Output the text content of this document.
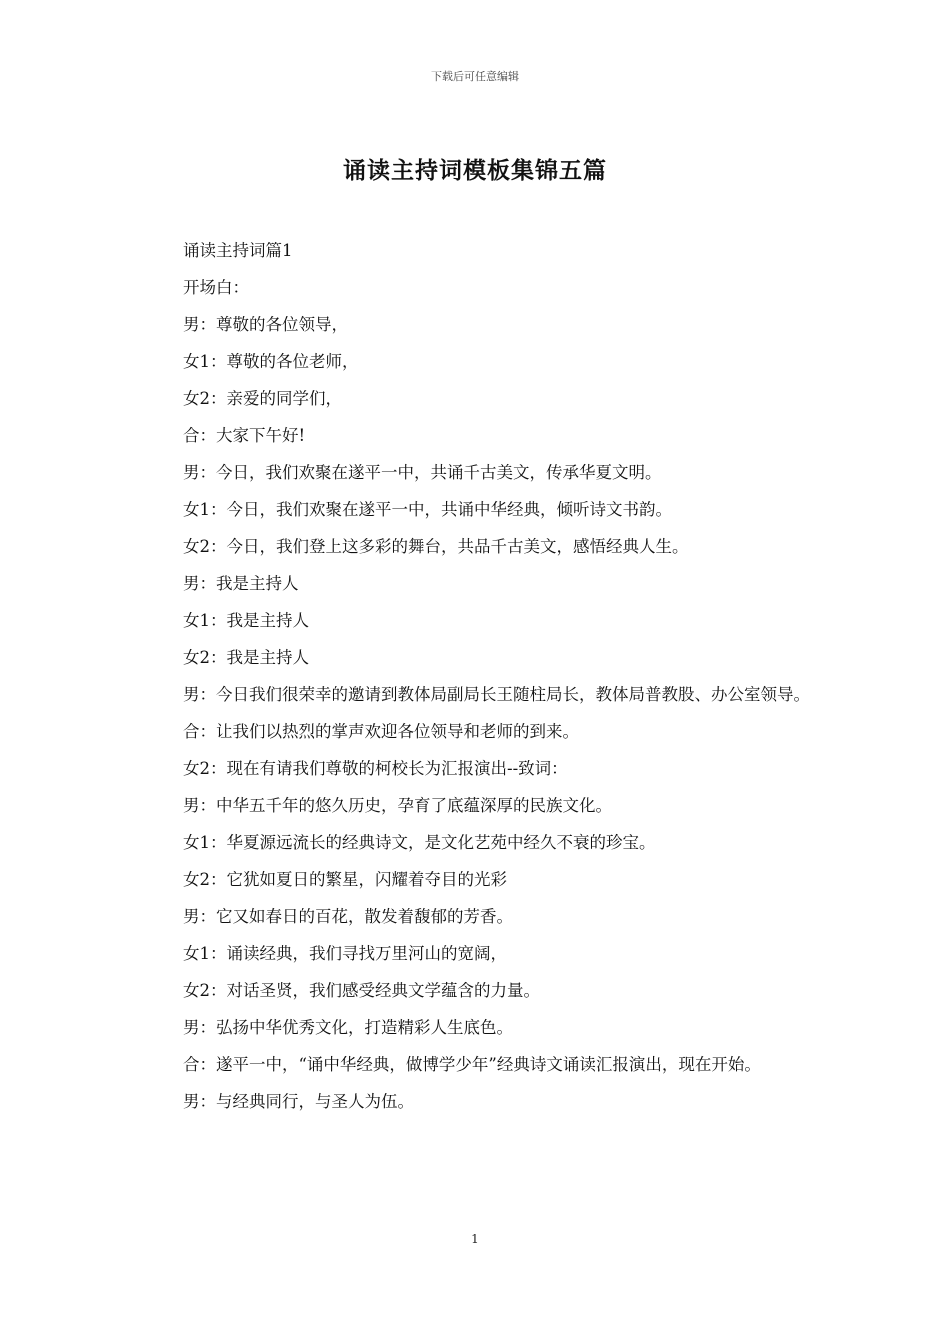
下载后可任意编辑
诵读主持词模板集锦五篇

诵读主持词篇1

开场白：

男：尊敬的各位领导，

女1：尊敬的各位老师，

女2：亲爱的同学们，

合：大家下午好!

男：今日，我们欢聚在遂平一中，共诵千古美文，传承华夏文明。

女1：今日，我们欢聚在遂平一中，共诵中华经典，倾听诗文书韵。

女2：今日，我们登上这多彩的舞台，共品千古美文，感悟经典人生。

男：我是主持人

女1：我是主持人

女2：我是主持人

男：今日我们很荣幸的邀请到教体局副局长王随柱局长，教体局普教股、办公室领导。

合：让我们以热烈的掌声欢迎各位领导和老师的到来。

女2：现在有请我们尊敬的柯校长为汇报演出--致词：

男：中华五千年的悠久历史，孕育了底蕴深厚的民族文化。

女1：华夏源远流长的经典诗文，是文化艺苑中经久不衰的珍宝。

女2：它犹如夏日的繁星，闪耀着夺目的光彩

男：它又如春日的百花，散发着馥郁的芳香。

女1：诵读经典，我们寻找万里河山的宽阔，

女2：对话圣贤，我们感受经典文学蕴含的力量。

男：弘扬中华优秀文化，打造精彩人生底色。

合：遂平一中，“诵中华经典，做博学少年”经典诗文诵读汇报演出，现在开始。

男：与经典同行，与圣人为伍。

1
